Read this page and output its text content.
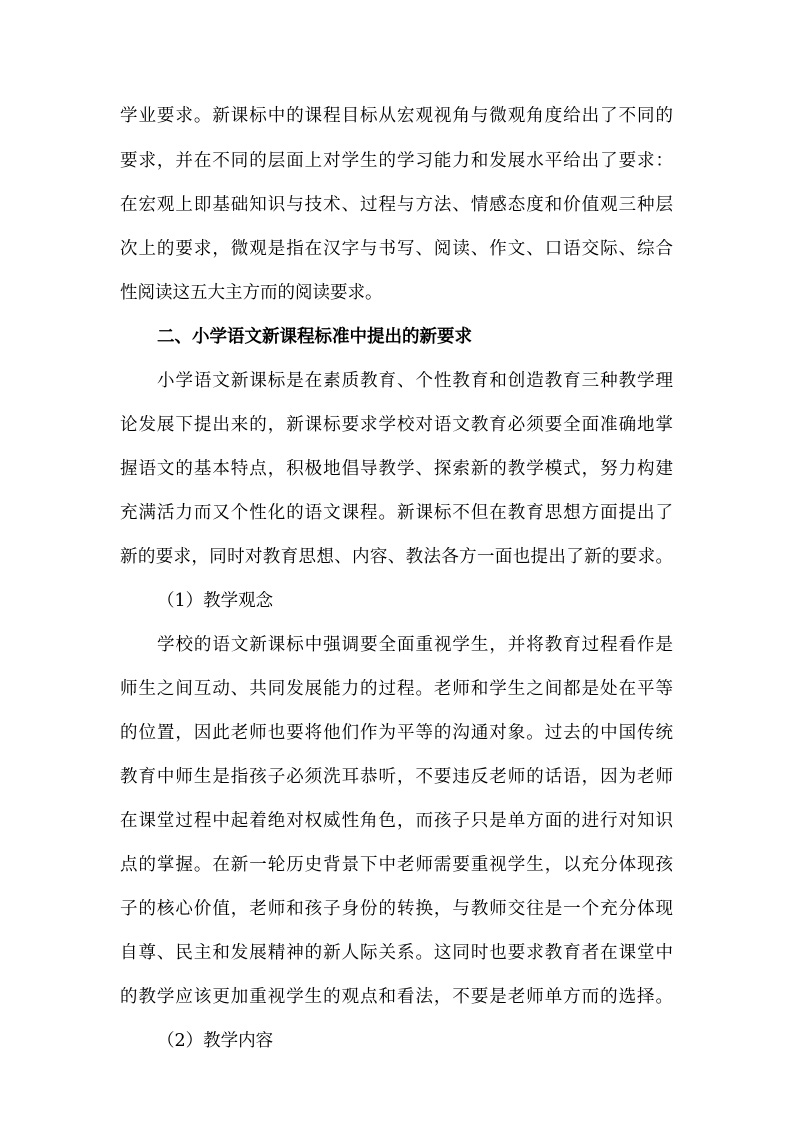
学业要求。新课标中的课程目标从宏观视角与微观角度给出了不同的
要求，并在不同的层面上对学生的学习能力和发展水平给出了要求：
在宏观上即基础知识与技术、过程与方法、情感态度和价值观三种层
次上的要求，微观是指在汉字与书写、阅读、作文、口语交际、综合
性阅读这五大主方而的阅读要求。
二、小学语文新课程标准中提出的新要求
小学语文新课标是在素质教育、个性教育和创造教育三种教学理
论发展下提出来的，新课标要求学校对语文教育必须要全面准确地掌
握语文的基本特点，积极地倡导教学、探索新的教学模式，努力构建
充满活力而又个性化的语文课程。新课标不但在教育思想方面提出了
新的要求，同时对教育思想、内容、教法各方一面也提出了新的要求。
（1）教学观念
学校的语文新课标中强调要全面重视学生，并将教育过程看作是
师生之间互动、共同发展能力的过程。老师和学生之间都是处在平等
的位置，因此老师也要将他们作为平等的沟通对象。过去的中国传统
教育中师生是指孩子必须洗耳恭听，不要违反老师的话语，因为老师
在课堂过程中起着绝对权威性角色，而孩子只是单方面的进行对知识
点的掌握。在新一轮历史背景下中老师需要重视学生，以充分体现孩
子的核心价值，老师和孩子身份的转换，与教师交往是一个充分体现
自尊、民主和发展精神的新人际关系。这同时也要求教育者在课堂中
的教学应该更加重视学生的观点和看法，不要是老师单方而的选择。
（2）教学内容
